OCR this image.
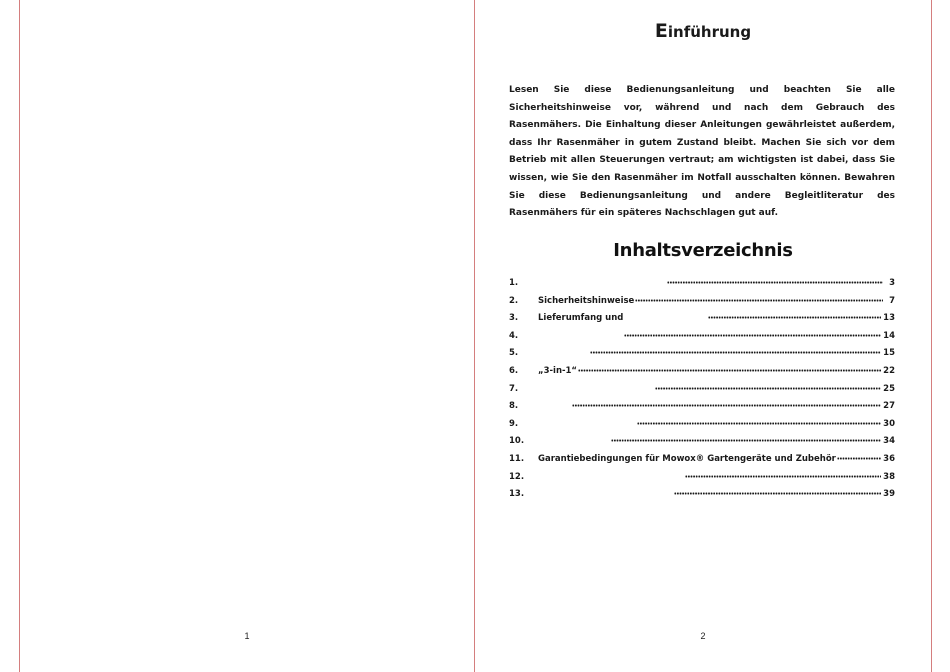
1
Einführung

Lesen Sie diese Bedienungsanleitung und beachten Sie alle Sicherheitshinweise vor, während und nach dem Gebrauch des Rasenmähers. Die Einhaltung dieser Anleitungen gewährleistet außerdem, dass Ihr Rasenmäher in gutem Zustand bleibt. Machen Sie sich vor dem Betrieb mit allen Steuerungen vertraut; am wichtigsten ist dabei, dass Sie wissen, wie Sie den Rasenmäher im Notfall ausschalten können. Bewahren Sie diese Bedienungsanleitung und andere Begleitliteratur des Rasenmähers für ein späteres Nachschlagen gut auf.

Inhaltsverzeichnis
1.	3
2.	Sicherheitshinweise	7
3.	Lieferumfang und	13
4.	14
5.	15
6.	„3-in-1“	22
7.	25
8.	27
9.	30
10.	34
11.	Garantiebedingungen für Mowox® Gartengeräte und Zubehör	36
12.	38
13.	39
2
